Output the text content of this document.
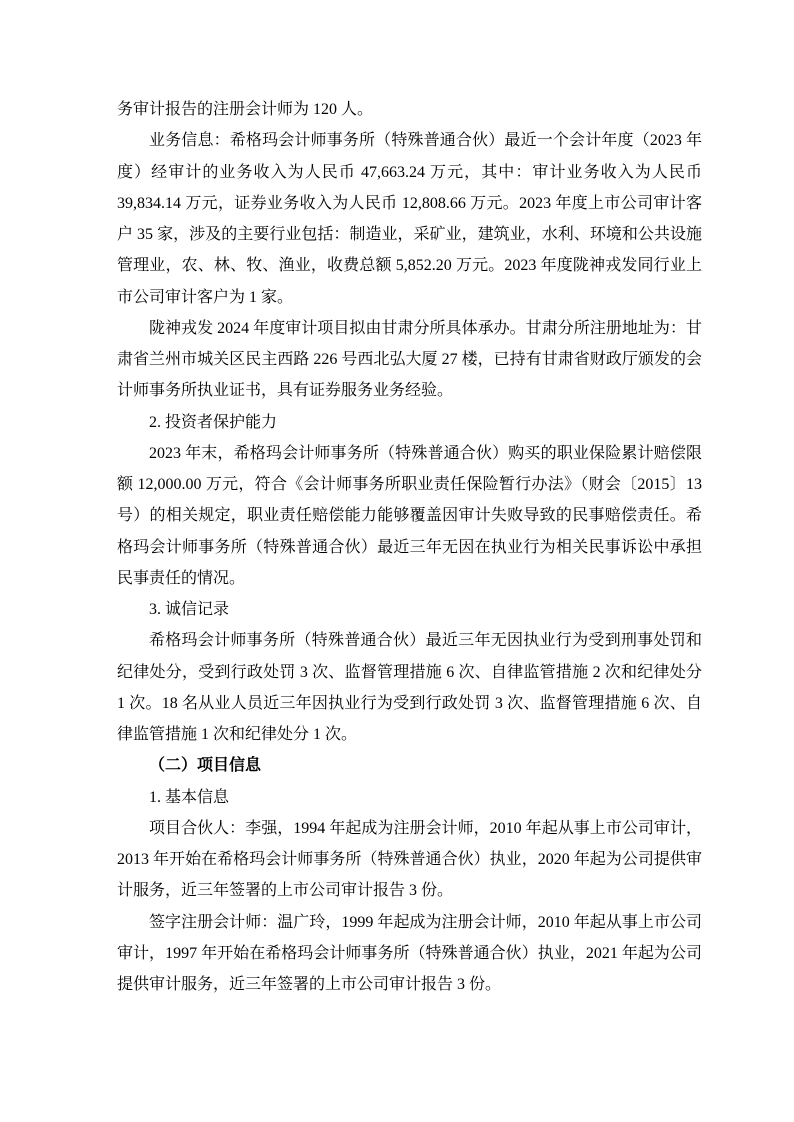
务审计报告的注册会计师为 120 人。

业务信息：希格玛会计师事务所（特殊普通合伙）最近一个会计年度（2023 年度）经审计的业务收入为人民币 47,663.24 万元，其中：审计业务收入为人民币 39,834.14 万元，证券业务收入为人民币 12,808.66 万元。2023 年度上市公司审计客户 35 家，涉及的主要行业包括：制造业，采矿业，建筑业，水利、环境和公共设施管理业，农、林、牧、渔业，收费总额 5,852.20 万元。2023 年度陇神戎发同行业上市公司审计客户为 1 家。

陇神戎发 2024 年度审计项目拟由甘肃分所具体承办。甘肃分所注册地址为：甘肃省兰州市城关区民主西路 226 号西北弘大厦 27 楼，已持有甘肃省财政厅颁发的会计师事务所执业证书，具有证券服务业务经验。

2. 投资者保护能力

2023 年末，希格玛会计师事务所（特殊普通合伙）购买的职业保险累计赔偿限额 12,000.00 万元，符合《会计师事务所职业责任保险暂行办法》（财会〔2015〕13 号）的相关规定，职业责任赔偿能力能够覆盖因审计失败导致的民事赔偿责任。希格玛会计师事务所（特殊普通合伙）最近三年无因在执业行为相关民事诉讼中承担民事责任的情况。

3. 诚信记录

希格玛会计师事务所（特殊普通合伙）最近三年无因执业行为受到刑事处罚和纪律处分，受到行政处罚 3 次、监督管理措施 6 次、自律监管措施 2 次和纪律处分 1 次。18 名从业人员近三年因执业行为受到行政处罚 3 次、监督管理措施 6 次、自律监管措施 1 次和纪律处分 1 次。

（二）项目信息

1. 基本信息

项目合伙人：李强，1994 年起成为注册会计师，2010 年起从事上市公司审计，2013 年开始在希格玛会计师事务所（特殊普通合伙）执业，2020 年起为公司提供审计服务，近三年签署的上市公司审计报告 3 份。

签字注册会计师：温广玲，1999 年起成为注册会计师，2010 年起从事上市公司审计，1997 年开始在希格玛会计师事务所（特殊普通合伙）执业，2021 年起为公司提供审计服务，近三年签署的上市公司审计报告 3 份。
